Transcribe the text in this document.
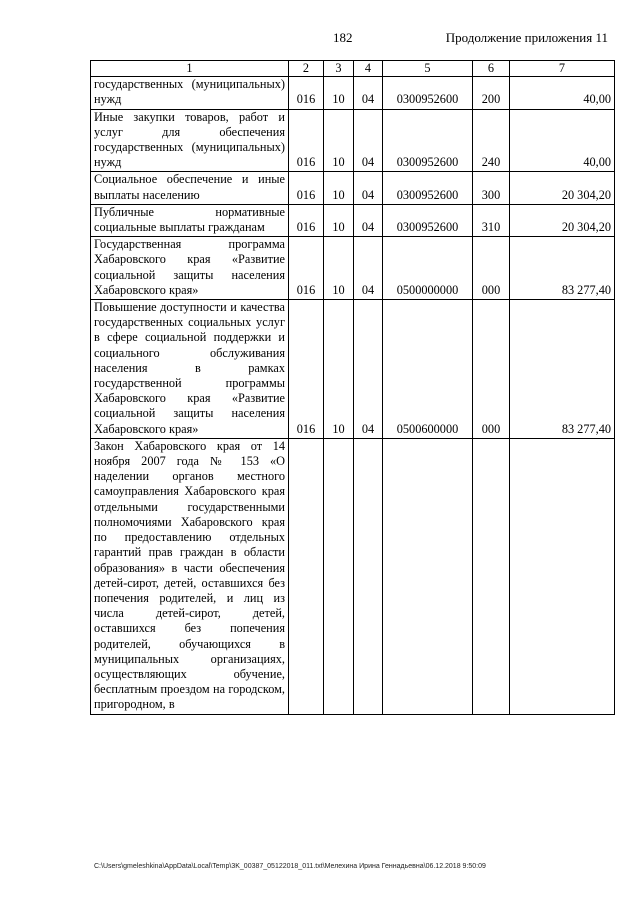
182	Продолжение приложения 11
1	2	3	4	5	6	7
государственных (муниципальных) нужд	016	10	04	0300952600	200	40,00
Иные закупки товаров, работ и услуг для обеспечения государственных (муниципальных) нужд	016	10	04	0300952600	240	40,00
Социальное обеспечение и иные выплаты населению	016	10	04	0300952600	300	20 304,20
Публичные нормативные социальные выплаты гражданам	016	10	04	0300952600	310	20 304,20
Государственная программа Хабаровского края «Развитие социальной защиты населения Хабаровского края»	016	10	04	0500000000	000	83 277,40
Повышение доступности и качества государственных социальных услуг в сфере социальной поддержки и социального обслуживания населения в рамках государственной программы Хабаровского края «Развитие социальной защиты населения Хабаровского края»	016	10	04	0500600000	000	83 277,40
Закон Хабаровского края от 14 ноября 2007 года № 153 «О наделении органов местного самоуправления Хабаровского края отдельными государственными полномочиями Хабаровского края по предоставлению отдельных гарантий прав граждан в области образования» в части обеспечения детей-сирот, детей, оставшихся без попечения родителей, и лиц из числа детей-сирот, детей, оставшихся без попечения родителей, обучающихся в муниципальных организациях, осуществляющих обучение, бесплатным проездом на городском, пригородном, в						
C:\Users\gmeleshkina\AppData\Local\Temp\3K_00387_05122018_011.txt\Мелехина Ирина Геннадьевна\06.12.2018 9:50:09
